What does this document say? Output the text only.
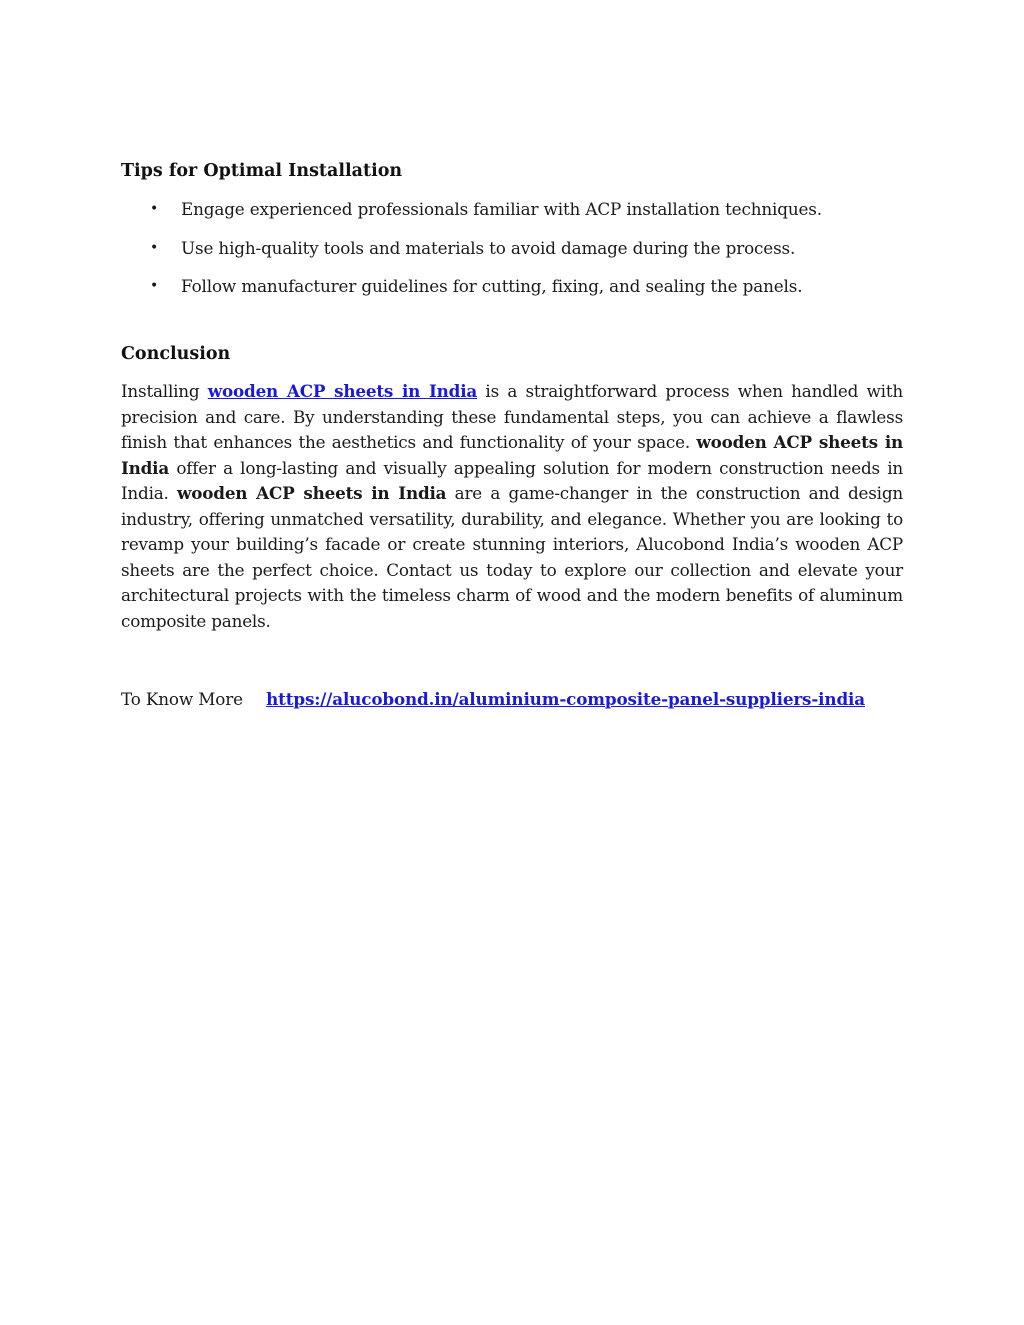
Tips for Optimal Installation
• Engage experienced professionals familiar with ACP installation techniques.
• Use high-quality tools and materials to avoid damage during the process.
• Follow manufacturer guidelines for cutting, fixing, and sealing the panels.
Conclusion

Installing wooden ACP sheets in India is a straightforward process when handled with precision and care. By understanding these fundamental steps, you can achieve a flawless finish that enhances the aesthetics and functionality of your space. wooden ACP sheets in India offer a long-lasting and visually appealing solution for modern construction needs in India. wooden ACP sheets in India are a game-changer in the construction and design industry, offering unmatched versatility, durability, and elegance. Whether you are looking to revamp your building’s facade or create stunning interiors, Alucobond India’s wooden ACP sheets are the perfect choice. Contact us today to explore our collection and elevate your architectural projects with the timeless charm of wood and the modern benefits of aluminum composite panels.

To Know More https://alucobond.in/aluminium-composite-panel-suppliers-india
